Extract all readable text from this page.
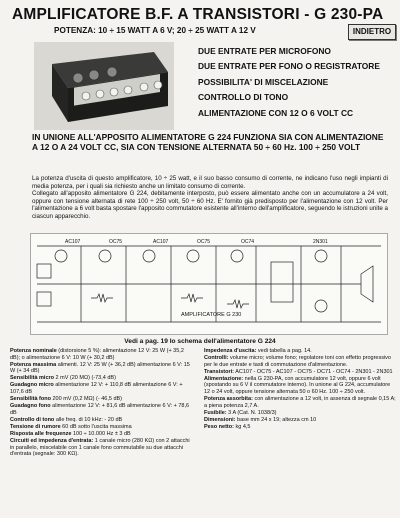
AMPLIFICATORE B.F. A TRANSISTORI - G 230-PA
POTENZA: 10 ÷ 15 WATT A 6 V; 20 ÷ 25 WATT A 12 V	INDIETRO
DUE ENTRATE PER MICROFONO
DUE ENTRATE PER FONO O REGISTRATORE
POSSIBILITA' DI MISCELAZIONE
CONTROLLO DI TONO
ALIMENTAZIONE CON 12 O 6 VOLT CC
IN UNIONE ALL'APPOSITO ALIMENTATORE G 224 FUNZIONA SIA CON ALIMENTAZIONE A 12 O A 24 VOLT CC, SIA CON TENSIONE ALTERNATA 50 ÷ 60 Hz. 100 ÷ 250 VOLT

La potenza d'uscita di questo amplificatore, 10 ÷ 25 watt, e il suo basso consumo di corrente, ne indicano l'uso negli impianti di media potenza, per i quali sia richiesto anche un limitato consumo di corrente.

Collegato all'apposito alimentatore G 224, debitamente interposto, può essere alimentato anche con un accumulatore a 24 volt, oppure con tensione alternata di rete 100 ÷ 250 volt, 50 ÷ 60 Hz. E' fornito già predisposto per l'alimentazione con 12 volt. Per l'alimentazione a 6 volt basta spostare l'apposito commutatore esistente all'interno dell'amplificatore, seguendo le istruzioni unite a ciascun apparecchio.

AC107	OC75	AC107	OC75	OC74	2N301
AMPLIFICATORE G 230
Vedi a pag. 19 lo schema dell'alimentatore G 224
Potenza nominale (distorsione 5 %): alimentazione 12 V: 25 W (+ 35,2 dB); o alimentazione 6 V: 10 W (+ 30,2 dB)
Potenza massima alimenti. 12 V: 25 W (+ 36,2 dB) alimentazione 6 V: 15 W (+ 34 dB)
Sensibilità micro 2 mV (20 MΩ) (-73,4 dB)
Guadagno micro alimentazione 12 V: + 110,8 dB alimentazione 6 V: + 107,6 dB
Sensibilità fono 200 mV (0,2 MΩ) (- 46,5 dB)
Guadagno fono alimentazione 12 V: + 81,6 dB alimentazione 6 V: + 78,6 dB
Controllo di tono alle freq. di 10 kHz: - 20 dB
Tensione di rumore 60 dB sotto l'uscita massima
Risposta alle frequenze 100 ÷ 10.000 Hz ± 3 dB
Circuiti ed impedenza d'entrata: 1 canale micro (280 KΩ) con 2 attacchi in parallelo, miscelabile con 1 canale fono commutabile su due attacchi d'entrata (segnale: 300 KΩ).
Impedenza d'uscita: vedi tabella a pag. 14.
Controlli: volume micro; volume fono; regolatore toni con effetto progressivo per le due entrate e tasti di commutazione d'alimentazione.
Transistori: AC107 - OC75 - AC107 - OC75 - OC71 - OC74 - 2N301 - 2N301
Alimentazione: nella G 230-PA, con accumulatore 12 volt, oppure 6 volt (spostando su 6 V il commutatore interno). In unione al G 224, accumulatore 12 o 24 volt, oppure tensione alternata 50 o 60 Hz. 100 ÷ 250 volt.
Potenza assorbita: con alimentazione a 12 volt, in assenza di segnale 0,15 A; a piena potenza 2,7 A.
Fusibile: 3 A (Cat. N. 1038/3)
Dimensioni: base mm 24 x 19; altezza cm 10
Peso netto: kg 4,5
